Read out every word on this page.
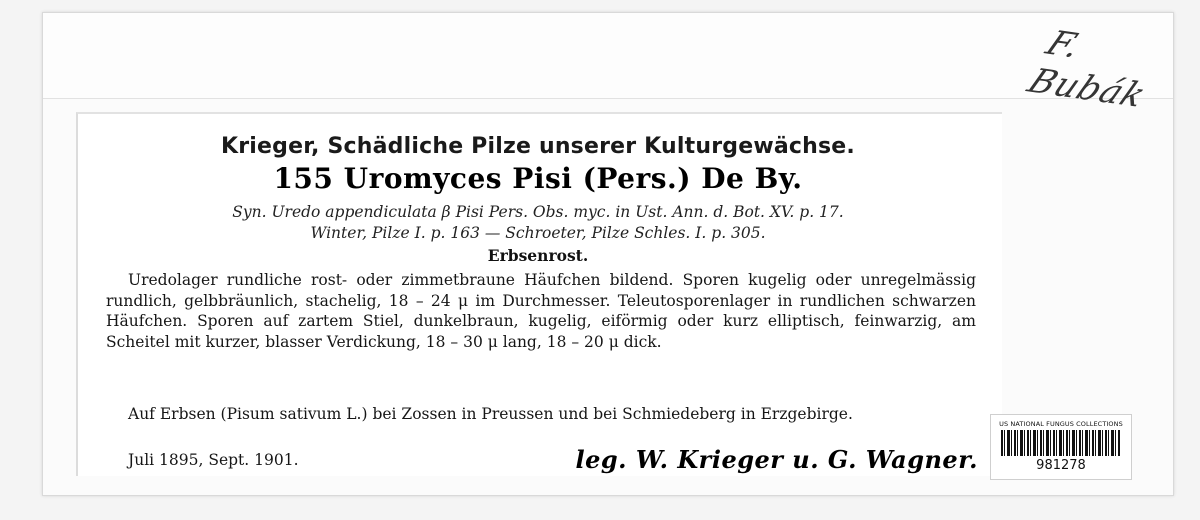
F. Bubák
Krieger, Schädliche Pilze unserer Kulturgewächse.
155 Uromyces Pisi (Pers.) De By.
Syn. Uredo appendiculata β Pisi Pers. Obs. myc. in Ust. Ann. d. Bot. XV. p. 17.
Winter, Pilze I. p. 163 — Schroeter, Pilze Schles. I. p. 305.
Erbsenrost.
Uredolager rundliche rost- oder zimmetbraune Häufchen bildend. Sporen kugelig oder unregelmässig rundlich, gelbbräunlich, stachelig, 18 – 24 μ im Durchmesser. Teleutosporenlager in rundlichen schwarzen Häufchen. Sporen auf zartem Stiel, dunkelbraun, kugelig, eiförmig oder kurz elliptisch, feinwarzig, am Scheitel mit kurzer, blasser Verdickung, 18 – 30 μ lang, 18 – 20 μ dick.
Auf Erbsen (Pisum sativum L.) bei Zossen in Preussen und bei Schmiedeberg in Erzgebirge.
Juli 1895, Sept. 1901.	leg. W. Krieger u. G. Wagner.
US NATIONAL FUNGUS COLLECTIONS
981278
